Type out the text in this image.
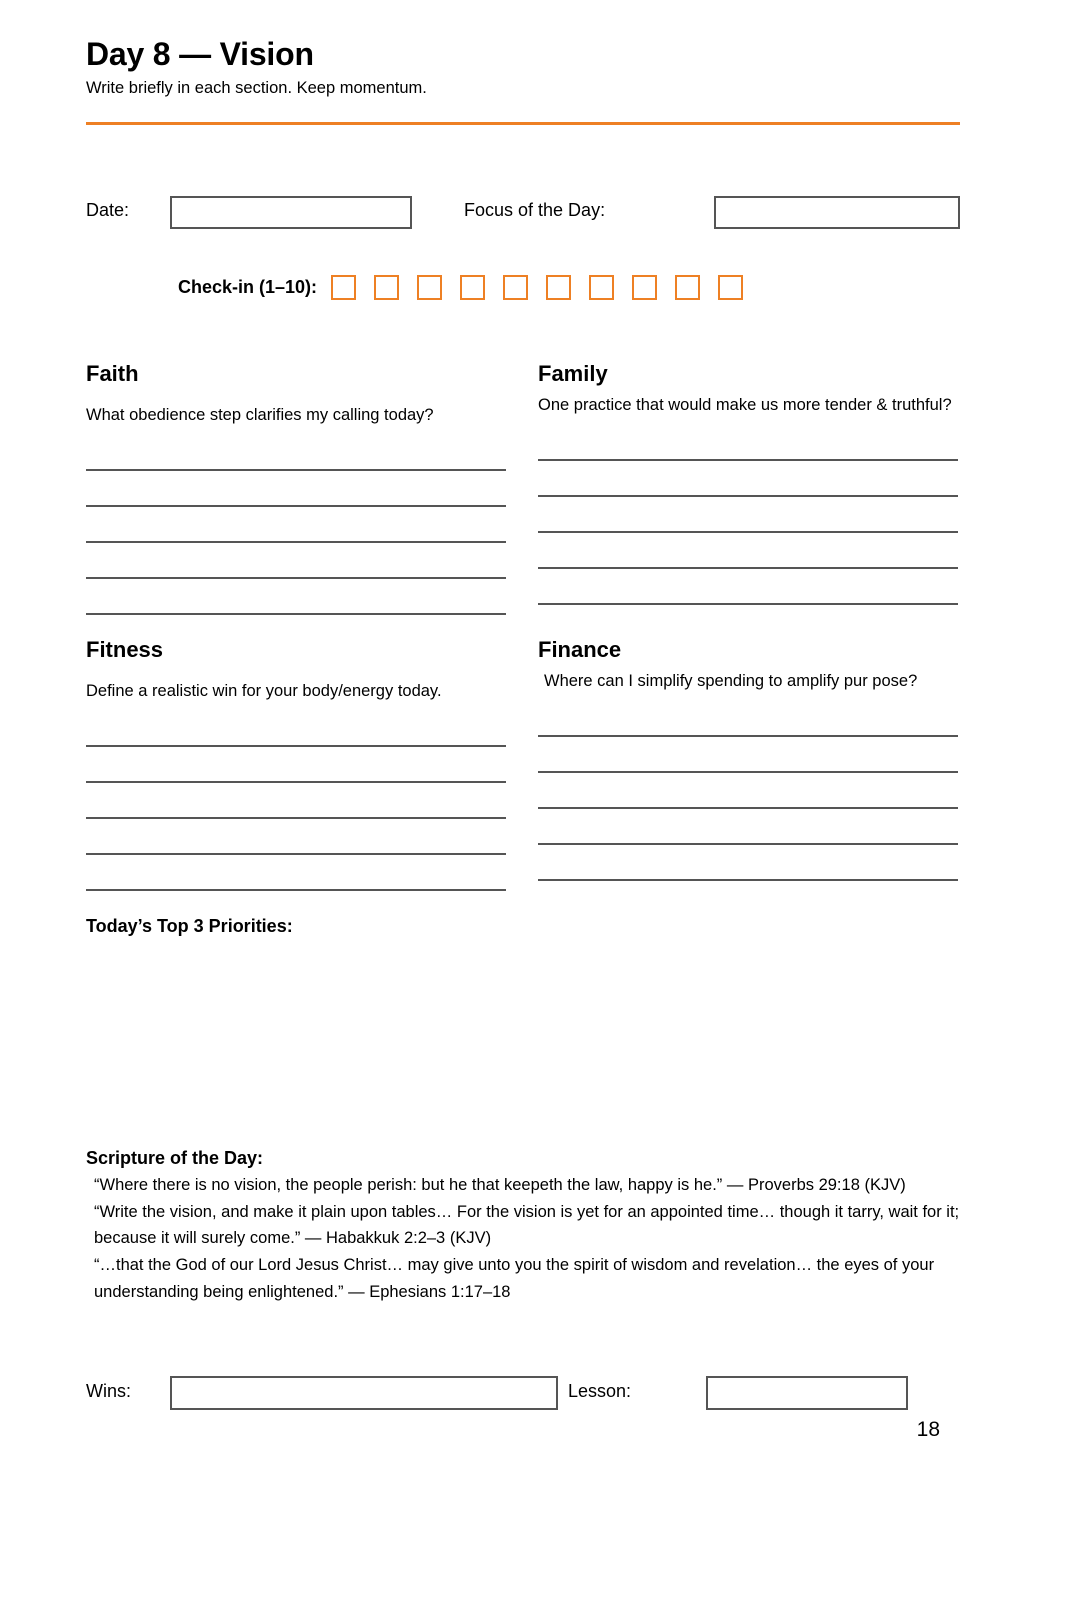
Day 8 — Vision

Write briefly in each section. Keep momentum.

Date:	Focus of the Day:
Check-in (1–10):
Faith

What obedience step clarifies my calling today?

Family

One practice that would make us more tender & truthful?

Fitness

Define a realistic win for your body/energy today.

Finance

Where can I simplify spending to amplify pur pose?

Today’s Top 3 Priorities:
Scripture of the Day:

“Where there is no vision, the people perish: but he that keepeth the law, happy is he.” — Proverbs 29:18 (KJV)

“Write the vision, and make it plain upon tables… For the vision is yet for an appointed time… though it tarry, wait for it; because it will surely come.” — Habakkuk 2:2–3 (KJV)

“…that the God of our Lord Jesus Christ… may give unto you the spirit of wisdom and revelation… the eyes of your understanding being enlightened.” — Ephesians 1:17–18

Wins:	Lesson:
18
